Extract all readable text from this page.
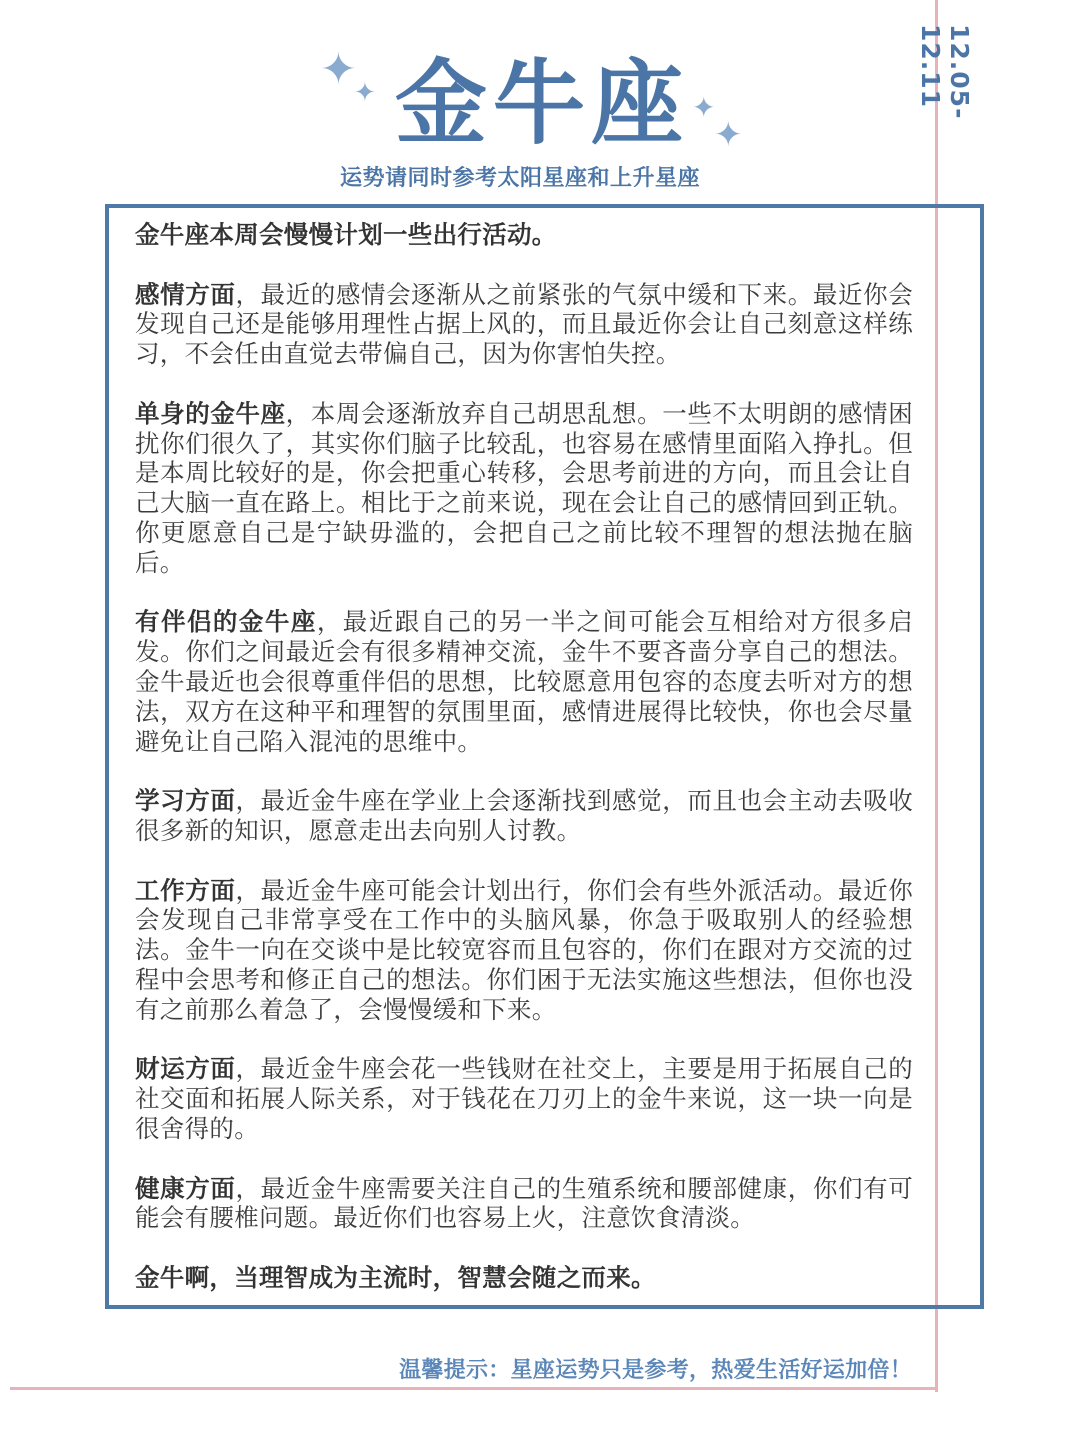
✦
✦ 金牛座 ✦
✦
运势请同时参考太阳星座和上升星座
12.05-12.11

金牛座本周会慢慢计划一些出行活动。

感情方面，最近的感情会逐渐从之前紧张的气氛中缓和下来。最近你会发现自己还是能够用理性占据上风的，而且最近你会让自己刻意这样练习，不会任由直觉去带偏自己，因为你害怕失控。

单身的金牛座，本周会逐渐放弃自己胡思乱想。一些不太明朗的感情困扰你们很久了，其实你们脑子比较乱，也容易在感情里面陷入挣扎。但是本周比较好的是，你会把重心转移，会思考前进的方向，而且会让自己大脑一直在路上。相比于之前来说，现在会让自己的感情回到正轨。你更愿意自己是宁缺毋滥的，会把自己之前比较不理智的想法抛在脑后。

有伴侣的金牛座，最近跟自己的另一半之间可能会互相给对方很多启发。你们之间最近会有很多精神交流，金牛不要吝啬分享自己的想法。金牛最近也会很尊重伴侣的思想，比较愿意用包容的态度去听对方的想法，双方在这种平和理智的氛围里面，感情进展得比较快，你也会尽量避免让自己陷入混沌的思维中。

学习方面，最近金牛座在学业上会逐渐找到感觉，而且也会主动去吸收很多新的知识，愿意走出去向别人讨教。

工作方面，最近金牛座可能会计划出行，你们会有些外派活动。最近你会发现自己非常享受在工作中的头脑风暴，你急于吸取别人的经验想法。金牛一向在交谈中是比较宽容而且包容的，你们在跟对方交流的过程中会思考和修正自己的想法。你们困于无法实施这些想法，但你也没有之前那么着急了，会慢慢缓和下来。

财运方面，最近金牛座会花一些钱财在社交上，主要是用于拓展自己的社交面和拓展人际关系，对于钱花在刀刃上的金牛来说，这一块一向是很舍得的。

健康方面，最近金牛座需要关注自己的生殖系统和腰部健康，你们有可能会有腰椎问题。最近你们也容易上火，注意饮食清淡。

金牛啊，当理智成为主流时，智慧会随之而来。

温馨提示：星座运势只是参考，热爱生活好运加倍！
